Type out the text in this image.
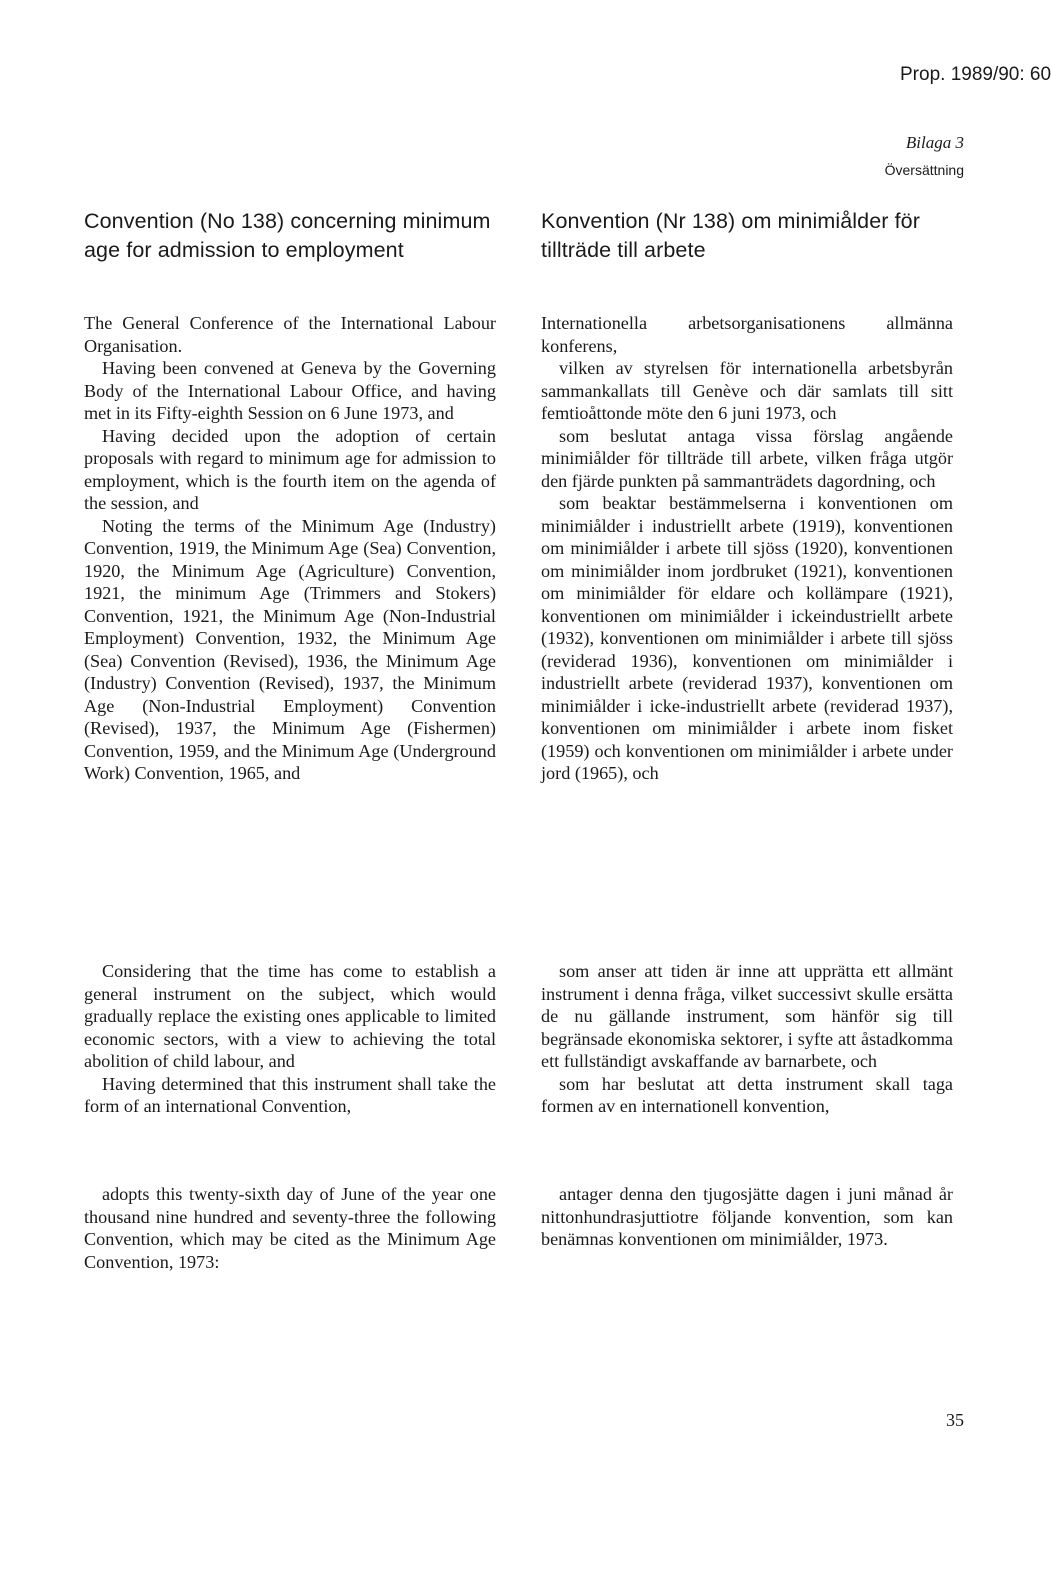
Prop. 1989/90: 60
Bilaga 3
Översättning
Convention (No 138) concerning minimum age for admission to employment
Konvention (Nr 138) om minimiålder för tillträde till arbete

The General Conference of the International Labour Organisation.

Having been convened at Geneva by the Governing Body of the International Labour Office, and having met in its Fifty-eighth Session on 6 June 1973, and

Having decided upon the adoption of certain proposals with regard to minimum age for admission to employment, which is the fourth item on the agenda of the session, and

Noting the terms of the Minimum Age (Industry) Convention, 1919, the Minimum Age (Sea) Convention, 1920, the Minimum Age (Agriculture) Convention, 1921, the minimum Age (Trimmers and Stokers) Convention, 1921, the Minimum Age (Non-Industrial Employment) Convention, 1932, the Minimum Age (Sea) Convention (Revised), 1936, the Minimum Age (Industry) Convention (Revised), 1937, the Minimum Age (Non-Industrial Employment) Convention (Revised), 1937, the Minimum Age (Fishermen) Convention, 1959, and the Minimum Age (Underground Work) Convention, 1965, and

Internationella arbetsorganisationens allmänna konferens,

vilken av styrelsen för internationella arbetsbyrån sammankallats till Genève och där samlats till sitt femtioåttonde möte den 6 juni 1973, och

som beslutat antaga vissa förslag angående minimiålder för tillträde till arbete, vilken fråga utgör den fjärde punkten på sammanträdets dagordning, och

som beaktar bestämmelserna i konventionen om minimiålder i industriellt arbete (1919), konventionen om minimiålder i arbete till sjöss (1920), konventionen om minimiålder inom jordbruket (1921), konventionen om minimiålder för eldare och kollämpare (1921), konventionen om minimiålder i ickeindustriellt arbete (1932), konventionen om minimiålder i arbete till sjöss (reviderad 1936), konventionen om minimiålder i industriellt arbete (reviderad 1937), konventionen om minimiålder i icke-industriellt arbete (reviderad 1937), konventionen om minimiålder i arbete inom fisket (1959) och konventionen om minimiålder i arbete under jord (1965), och

Considering that the time has come to establish a general instrument on the subject, which would gradually replace the existing ones applicable to limited economic sectors, with a view to achieving the total abolition of child labour, and

Having determined that this instrument shall take the form of an international Convention,

som anser att tiden är inne att upprätta ett allmänt instrument i denna fråga, vilket successivt skulle ersätta de nu gällande instrument, som hänför sig till begränsade ekonomiska sektorer, i syfte att åstadkomma ett fullständigt avskaffande av barnarbete, och

som har beslutat att detta instrument skall taga formen av en internationell konvention,

adopts this twenty-sixth day of June of the year one thousand nine hundred and seventy-three the following Convention, which may be cited as the Minimum Age Convention, 1973:

antager denna den tjugosjätte dagen i juni månad år nittonhundrasjuttiotre följande konvention, som kan benämnas konventionen om minimiålder, 1973.

35
